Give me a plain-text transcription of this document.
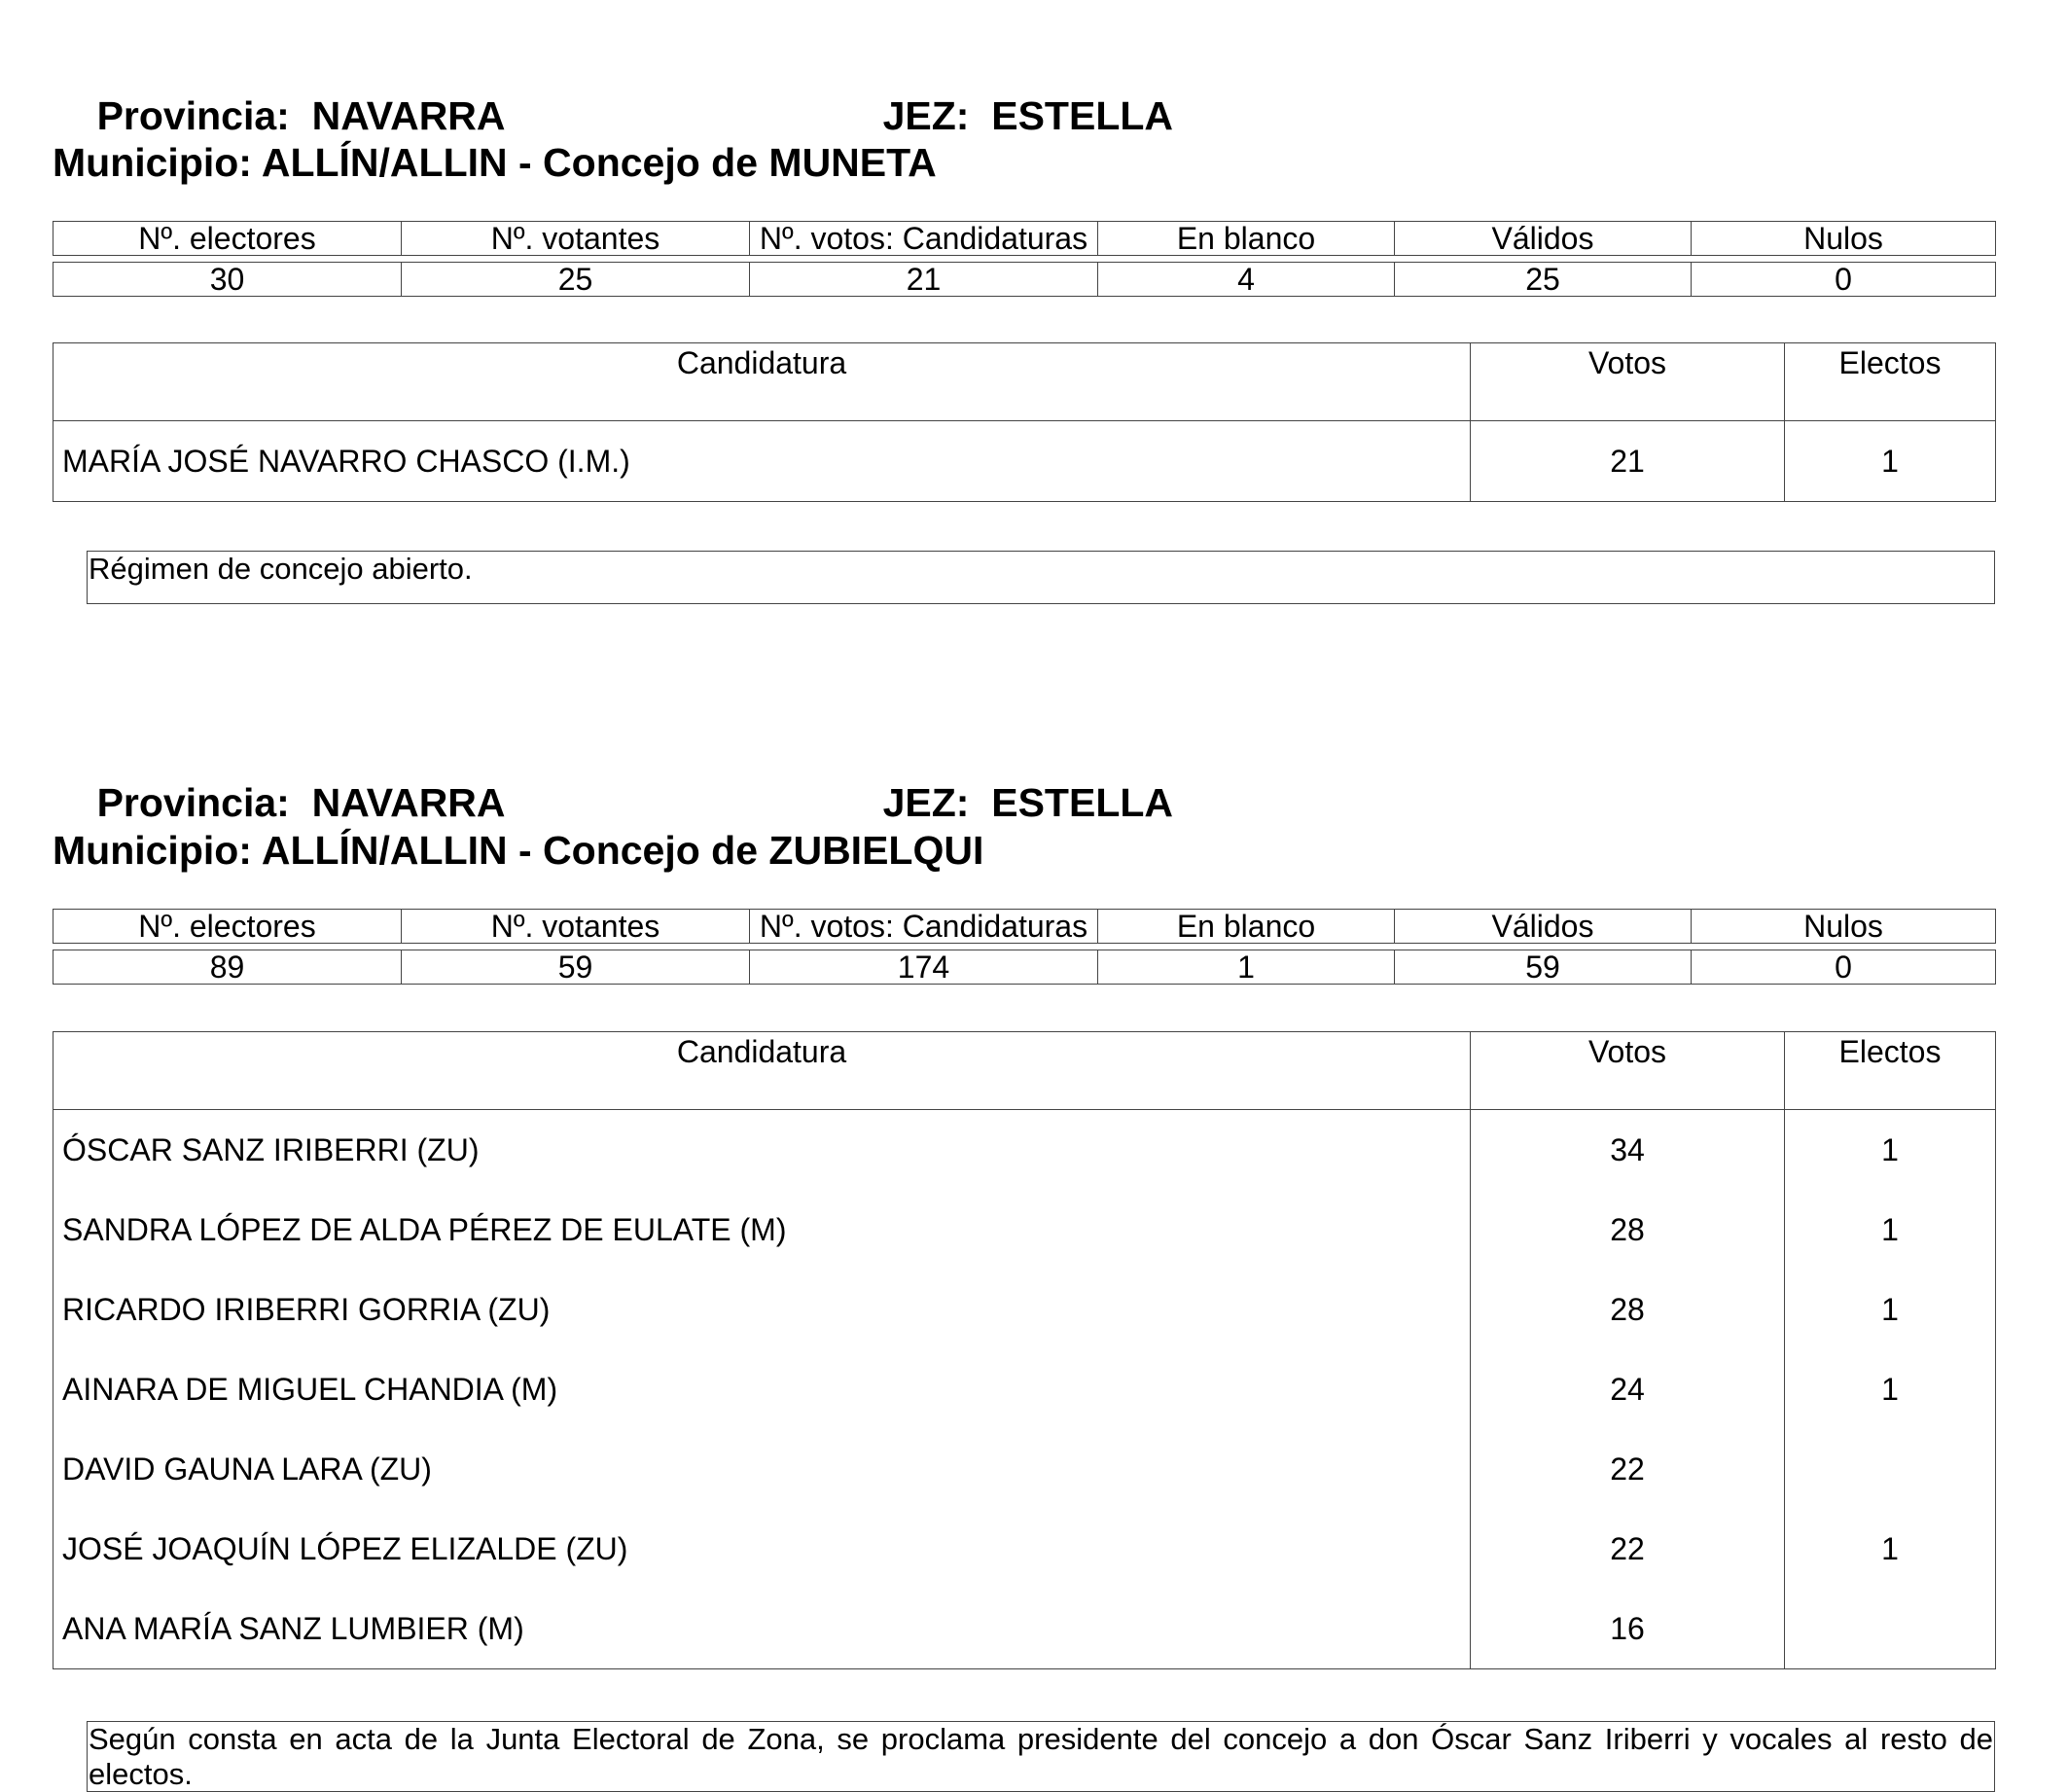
Provincia: NAVARRA
	JEZ: ESTELLA

Municipio: ALLÍN/ALLIN - Concejo de MUNETA
Nº. electores	Nº. votantes	Nº. votos: Candidaturas	En blanco	Válidos	Nulos
30	25	21	4	25	0
Candidatura	Votos	Electos
MARÍA JOSÉ NAVARRO CHASCO (I.M.)	21	1
Régimen de concejo abierto.

Provincia: NAVARRA
	JEZ: ESTELLA

Municipio: ALLÍN/ALLIN - Concejo de ZUBIELQUI
Nº. electores	Nº. votantes	Nº. votos: Candidaturas	En blanco	Válidos	Nulos
89	59	174	1	59	0
Candidatura	Votos	Electos
ÓSCAR SANZ IRIBERRI (ZU)	34	1
SANDRA LÓPEZ DE ALDA PÉREZ DE EULATE (M)	28	1
RICARDO IRIBERRI GORRIA (ZU)	28	1
AINARA DE MIGUEL CHANDIA (M)	24	1
DAVID GAUNA LARA (ZU)	22	
JOSÉ JOAQUÍN LÓPEZ ELIZALDE (ZU)	22	1
ANA MARÍA SANZ LUMBIER (M)	16	
Según consta en acta de la Junta Electoral de Zona, se proclama presidente del concejo a don Óscar Sanz Iriberri y vocales al resto de electos.
